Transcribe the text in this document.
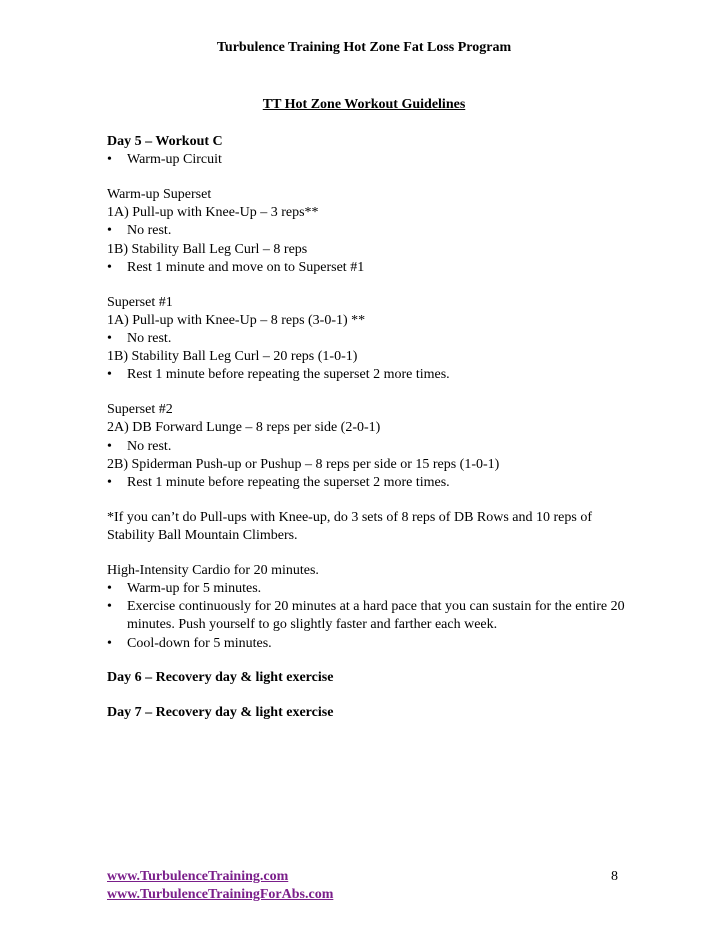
Turbulence Training Hot Zone Fat Loss Program
TT Hot Zone Workout Guidelines
Day 5 – Workout C
•	Warm-up Circuit
Warm-up Superset
1A) Pull-up with Knee-Up – 3 reps**
•	No rest.
1B) Stability Ball Leg Curl – 8 reps
•	Rest 1 minute and move on to Superset #1
Superset #1
1A) Pull-up with Knee-Up – 8 reps (3-0-1) **
•	No rest.
1B) Stability Ball Leg Curl – 20 reps (1-0-1)
•	Rest 1 minute before repeating the superset 2 more times.
Superset #2
2A) DB Forward Lunge – 8 reps per side (2-0-1)
•	No rest.
2B) Spiderman Push-up or Pushup – 8 reps per side or 15 reps (1-0-1)
•	Rest 1 minute before repeating the superset 2 more times.
*If you can’t do Pull-ups with Knee-up, do 3 sets of 8 reps of DB Rows and 10 reps of Stability Ball Mountain Climbers.
High-Intensity Cardio for 20 minutes.
•	Warm-up for 5 minutes.
•	Exercise continuously for 20 minutes at a hard pace that you can sustain for the entire 20 minutes. Push yourself to go slightly faster and farther each week.
•	Cool-down for 5 minutes.
Day 6 – Recovery day & light exercise
Day 7 – Recovery day & light exercise
www.TurbulenceTraining.com
www.TurbulenceTrainingForAbs.com
8
